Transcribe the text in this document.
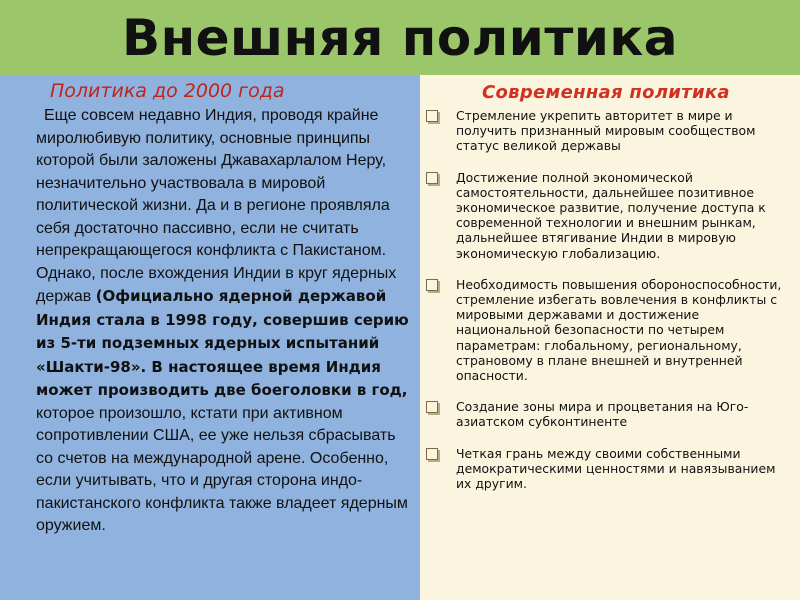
Внешняя политика
Политика до 2000 года
Еще совсем недавно Индия, проводя крайне миролюбивую политику, основные принципы которой были заложены Джавахарлалом Неру, незначительно участвовала в мировой политической жизни. Да и в регионе проявляла себя достаточно пассивно, если не считать непрекращающегося конфликта с Пакистаном. Однако, после вхождения Индии в круг ядерных держав (Официально ядерной державой Индия стала в 1998 году, совершив серию из 5-ти подземных ядерных испытаний «Шакти-98». В настоящее время Индия может производить две боеголовки в год, которое произошло, кстати при активном сопротивлении США, ее уже нельзя сбрасывать со счетов на международной арене. Особенно, если учитывать, что и другая сторона индо-пакистанского конфликта также владеет ядерным оружием.
Современная политика
Стремление укрепить авторитет в мире и получить признанный мировым сообществом статус великой державы
Достижение полной экономической самостоятельности, дальнейшее позитивное экономическое развитие, получение доступа к современной технологии и внешним рынкам, дальнейшее втягивание Индии в мировую экономическую глобализацию.
Необходимость повышения обороноспособности, стремление избегать вовлечения в конфликты с мировыми державами и достижение национальной безопасности по четырем параметрам: глобальному, региональному, страновому в плане внешней и внутренней опасности.
Создание зоны мира и процветания на Юго-азиатском субконтиненте
Четкая грань между своими собственными демократическими ценностями и навязыванием их другим.
